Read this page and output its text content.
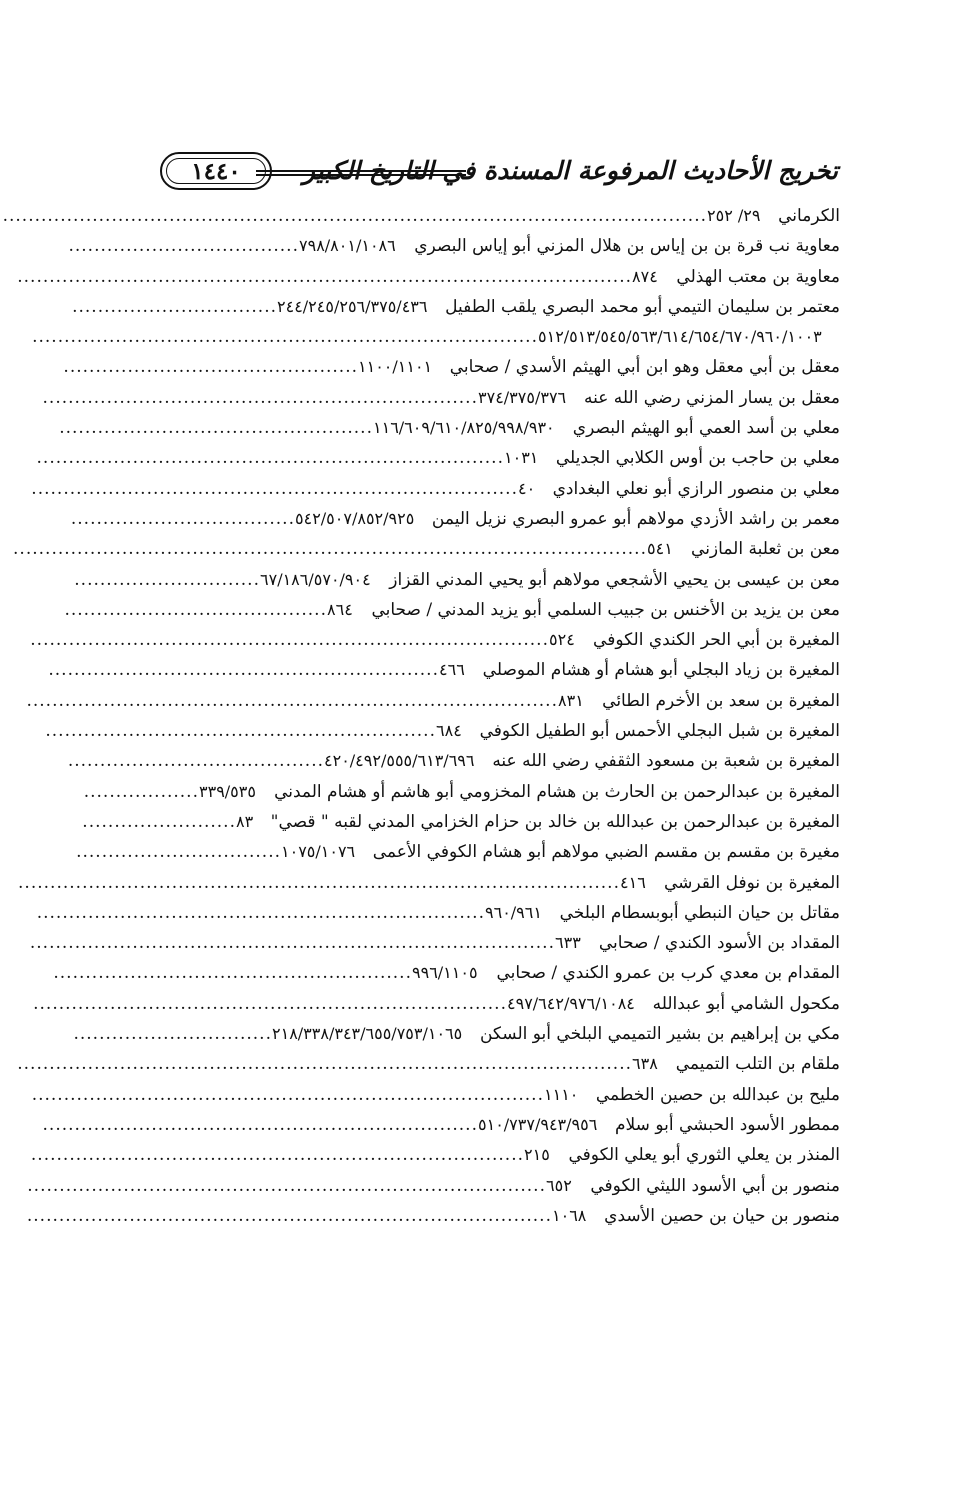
تخريج الأحاديث المرفوعة المسندة في التاريخ الكبير
١٤٤٠
الكرماني
٢٩/ ٢٥٢..............................................................................................................
معاوية نب قرة بن بن إياس بن هلال المزني أبو إياس البصري
٧٩٨/٨٠١/١٠٨٦....................................
معاوية بن معتب الهذلي
٨٧٤................................................................................................
معتمر بن سليمان التيمي أبو محمد البصري يلقب الطفيل
٢٤٤/٢٤٥/٢٥٦/٣٧٥/٤٣٦................................
٥١٢/٥١٣/٥٤٥/٥٦٣/٦١٤/٦٥٤/٦٧٠/٩٦٠/١٠٠٣...............................................................................
معقل بن أبي معقل وهو ابن أبي الهيثم الأسدي / صحابي
١١٠٠/١١٠١..............................................
معقل بن يسار المزني رضي الله عنه
٣٧٤/٣٧٥/٣٧٦....................................................................
معلي بن أسد العمي أبو الهيثم البصري
١١٦/٦٠٩/٦١٠/٨٢٥/٩٩٨/٩٣٠.................................................
معلي بن حاجب بن أوس الكلابي الجديلي
١٠٣١.........................................................................
معلي بن منصور الرازي أبو نعلي البغدادي
٤٠............................................................................
معمر بن راشد الأزدي مولاهم أبو عمرو البصري نزيل اليمن
٥٤٢/٥٠٧/٨٥٢/٩٢٥...................................
معن بن ثعلبة المازني
٥٤١...................................................................................................
معن بن عيسى بن يحيي الأشجعي مولاهم أبو يحيي المدني القزاز
٦٧/١٨٦/٥٧٠/٩٠٤.............................
معن بن يزيد بن الأخنس بن جبيب السلمي أبو يزيد المدني / صحابي
٨٦٤.........................................
المغيرة بن أبي الحر الكندي الكوفي
٥٢٤.................................................................................
المغيرة بن زياد البجلي أبو هشام أو هشام الموصلي
٤٦٦.............................................................
المغيرة بن سعد بن الأخرم الطائي
٨٣١...................................................................................
المغيرة بن شبل البجلي الأحمس أبو الطفيل الكوفي
٦٨٤.............................................................
المغيرة بن شعبة بن مسعود الثقفي رضي الله عنه
٤٢٠/٤٩٢/٥٥٥/٦١٣/٦٩٦........................................
المغيرة بن عبدالرحمن بن الحارث بن هشام المخزومي أبو هاشم أو هشام المدني
٣٣٩/٥٣٥..................
المغيرة بن عبدالرحمن بن عبدالله بن خالد بن حزام الخزامي المدني لقبه " قصي"
٨٣........................
مغيرة بن مقسم بن مقسم الضبي مولاهم أبو هشام الكوفي الأعمى
١٠٧٥/١٠٧٦................................
المغيرة بن نوفل القرشي
٤١٦..............................................................................................
مقاتل بن حيان النبطي أبوبسطام البلخي
٩٦٠/٩٦١......................................................................
المقداد بن الأسود الكندي / صحابي
٦٣٣..................................................................................
المقدام بن معدي كرب بن عمرو الكندي / صحابي
٩٩٦/١١٠٥........................................................
مكحول الشامي أبو عبدالله
٤٩٧/٦٤٢/٩٧٦/١٠٨٤..........................................................................
مكي بن إبراهيم بن بشير التميمي البلخي أبو السكن
٢١٨/٣٣٨/٣٤٣/٦٥٥/٧٥٣/١٠٦٥...............................
ملقام بن التلب التميمي
٦٣٨................................................................................................
مليح بن عبدالله بن حصين الخطمي
١١١٠................................................................................
ممطور الأسود الحبشي أبو سلام
٥١٠/٧٣٧/٩٤٣/٩٥٦....................................................................
المنذر بن يعلي الثوري أبو يعلي الكوفي
٢١٥.............................................................................
منصور بن أبي الأسود الليثي الكوفي
٦٥٢.................................................................................
منصور بن حيان بن حصين الأسدي
١٠٦٨..................................................................................
